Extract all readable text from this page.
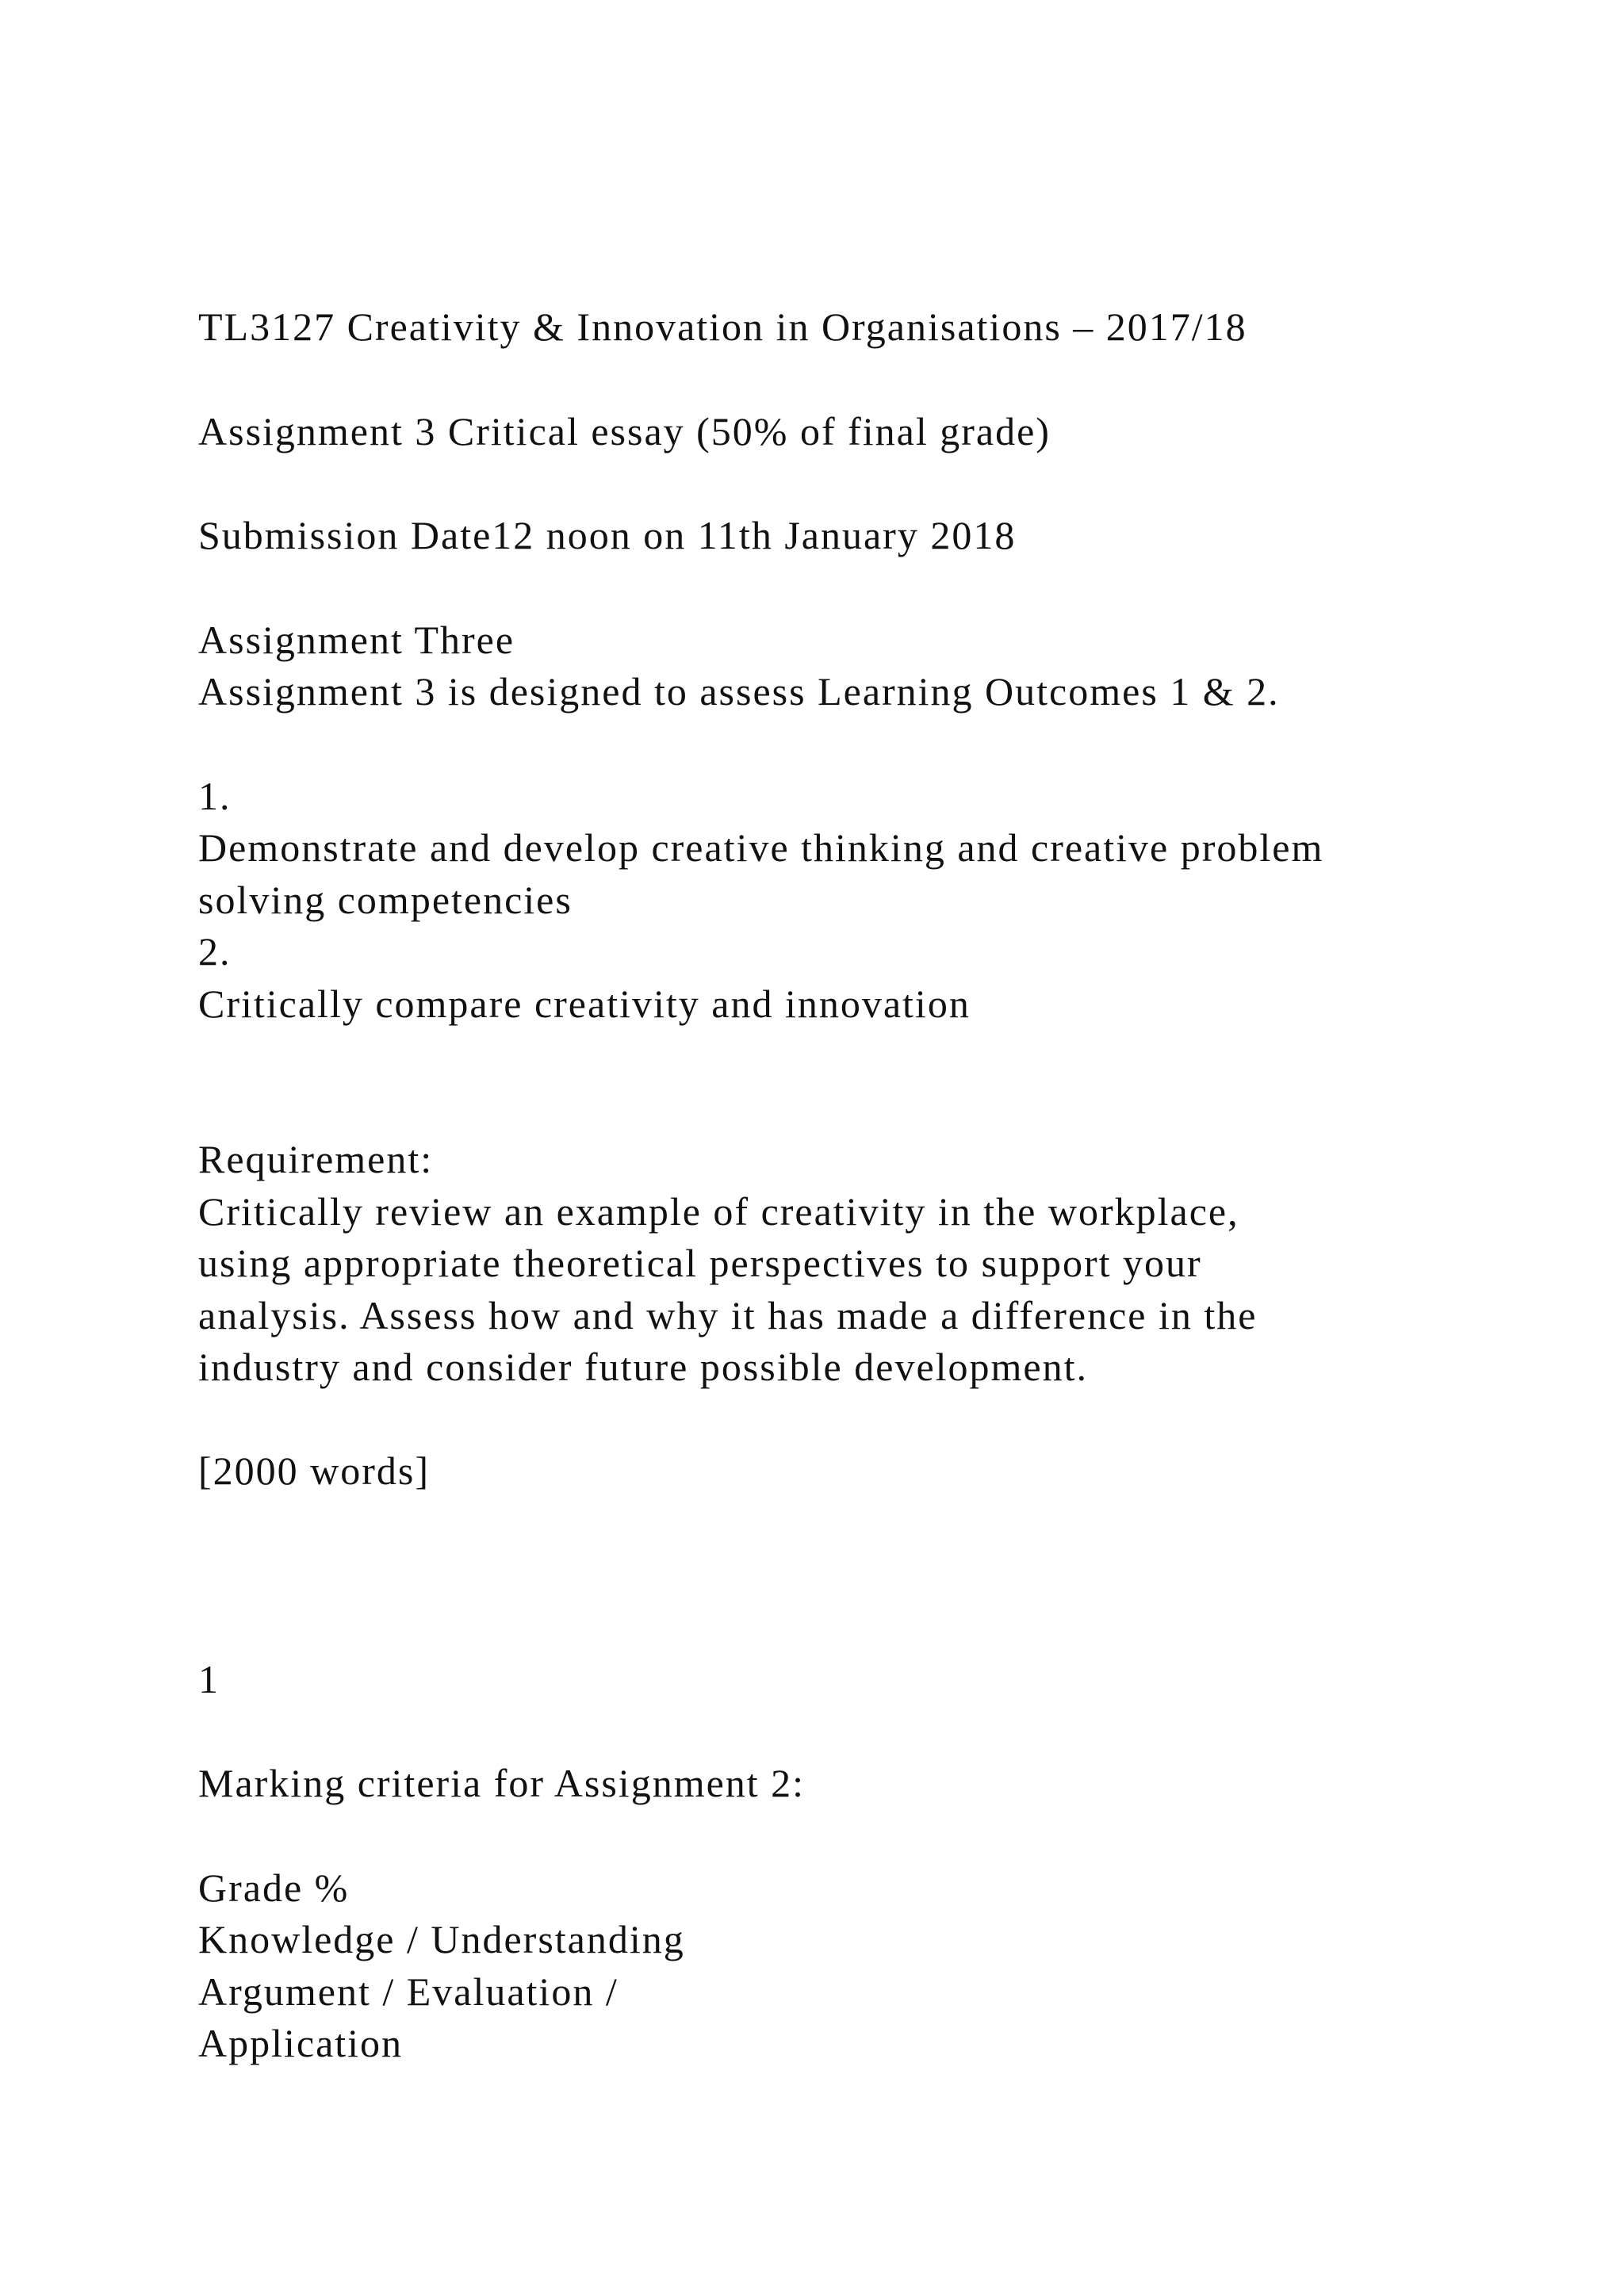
TL3127 Creativity & Innovation in Organisations – 2017/18

Assignment 3 Critical essay (50% of final grade)

Submission Date12 noon on 11th January 2018

Assignment Three

Assignment 3 is designed to assess Learning Outcomes 1 & 2.

1.

Demonstrate and develop creative thinking and creative problem

solving competencies

2.

Critically compare creativity and innovation

Requirement:

Critically review an example of creativity in the workplace,

using appropriate theoretical perspectives to support your

analysis. Assess how and why it has made a difference in the

industry and consider future possible development.

[2000 words]

1

Marking criteria for Assignment 2:

Grade %

Knowledge / Understanding

Argument / Evaluation /

Application
